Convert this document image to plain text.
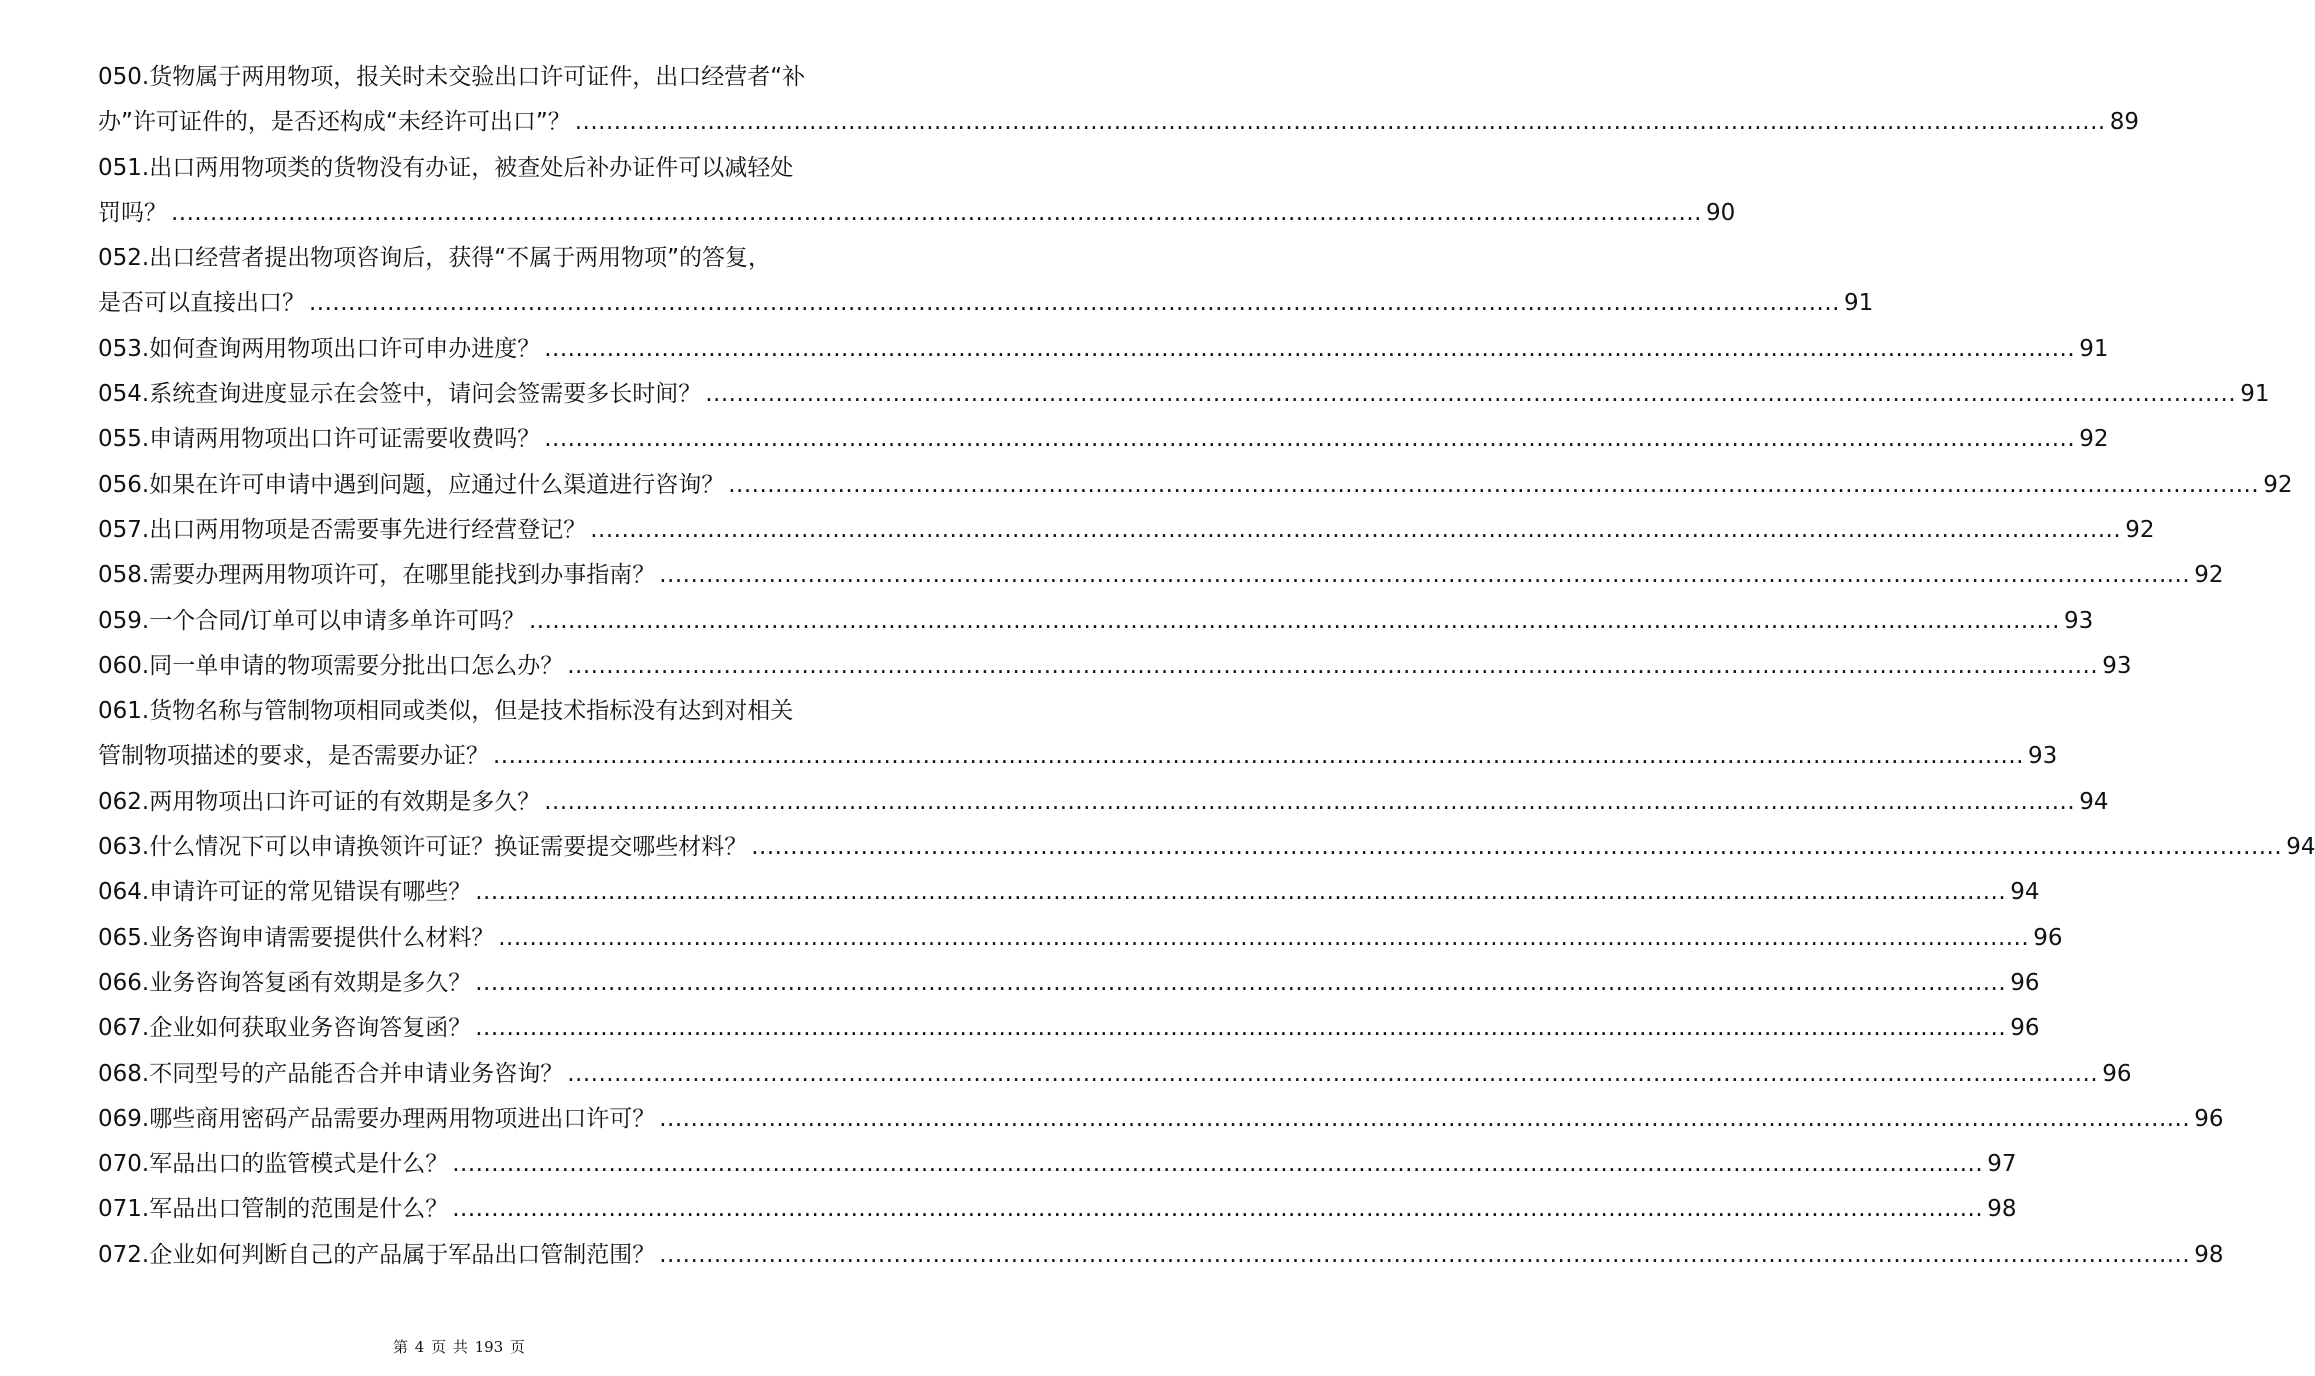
050.货物属于两用物项，报关时未交验出口许可证件，出口经营者“补
办”许可证件的，是否还构成“未经许可出口”？ .....	89
051.出口两用物项类的货物没有办证，被查处后补办证件可以减轻处
罚吗？ .....	90
052.出口经营者提出物项咨询后，获得“不属于两用物项”的答复，
是否可以直接出口？ .....	91
053.如何查询两用物项出口许可申办进度？ .....	91
054.系统查询进度显示在会签中，请问会签需要多长时间？ .....	91
055.申请两用物项出口许可证需要收费吗？ .....	92
056.如果在许可申请中遇到问题，应通过什么渠道进行咨询？ .....	92
057.出口两用物项是否需要事先进行经营登记？ .....	92
058.需要办理两用物项许可，在哪里能找到办事指南？ .....	92
059.一个合同/订单可以申请多单许可吗？ .....	93
060.同一单申请的物项需要分批出口怎么办？ .....	93
061.货物名称与管制物项相同或类似，但是技术指标没有达到对相关
管制物项描述的要求，是否需要办证？ .....	93
062.两用物项出口许可证的有效期是多久？ .....	94
063.什么情况下可以申请换领许可证？换证需要提交哪些材料？ .....	94
064.申请许可证的常见错误有哪些？ .....	94
065.业务咨询申请需要提供什么材料？ .....	96
066.业务咨询答复函有效期是多久？ .....	96
067.企业如何获取业务咨询答复函？ .....	96
068.不同型号的产品能否合并申请业务咨询？ .....	96
069.哪些商用密码产品需要办理两用物项进出口许可？ .....	96
070.军品出口的监管模式是什么？ .....	97
071.军品出口管制的范围是什么？ .....	98
072.企业如何判断自己的产品属于军品出口管制范围？ .....	98
第 4 页 共 193 页
